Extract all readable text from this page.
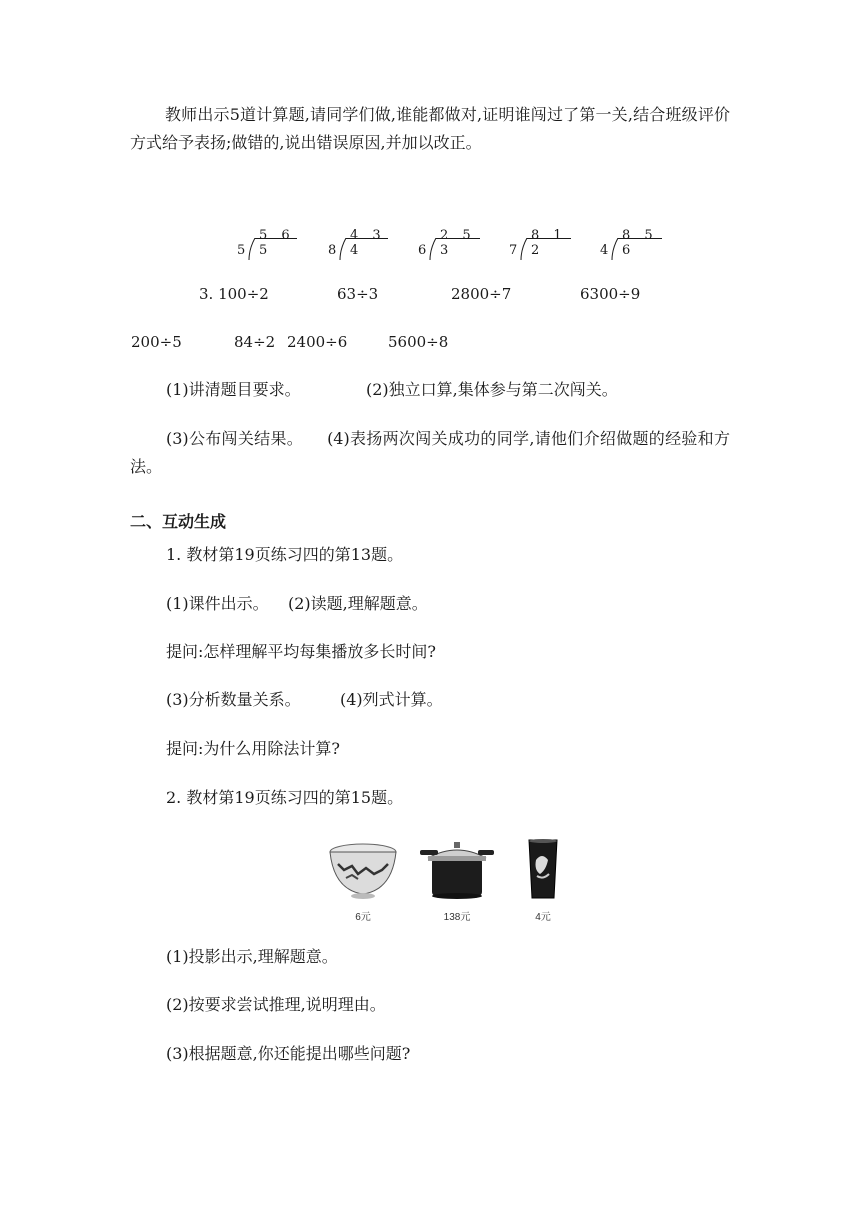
教师出示5道计算题,请同学们做,谁能都做对,证明谁闯过了第一关,结合班级评价方式给予表扬;做错的,说出错误原因,并加以改正。
5
5 6 5	8
4 3 4	6
2 5 3	7
8 1 2	4
8 5 6
3. 100÷2	63÷3	2800÷7	6300÷9
200÷5	84÷2 2400÷6	5600÷8
(1)讲清题目要求。	(2)独立口算,集体参与第二次闯关。
(3)公布闯关结果。 (4)表扬两次闯关成功的同学,请他们介绍做题的经验和方法。
二、互动生成
1. 教材第19页练习四的第13题。
(1)课件出示。 (2)读题,理解题意。
提问:怎样理解平均每集播放多长时间?
(3)分析数量关系。 (4)列式计算。
提问:为什么用除法计算?
2. 教材第19页练习四的第15题。
6元	138元	4元
(1)投影出示,理解题意。
(2)按要求尝试推理,说明理由。
(3)根据题意,你还能提出哪些问题?
